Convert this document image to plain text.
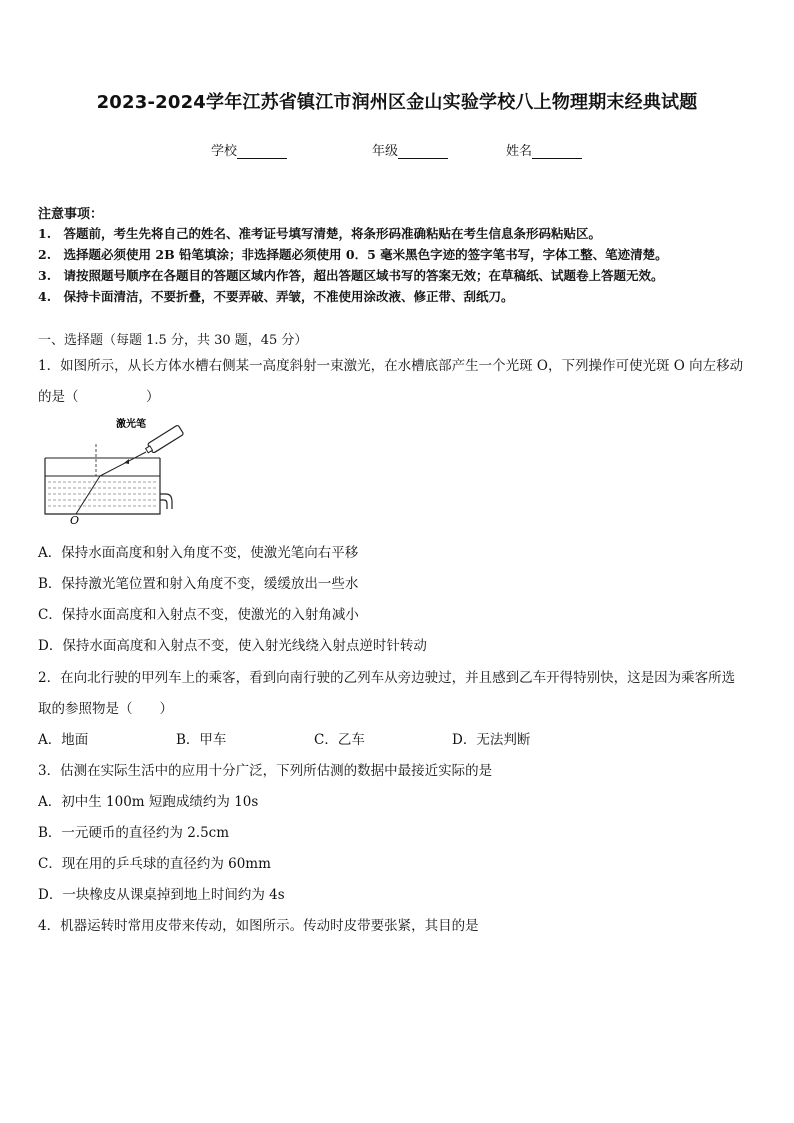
2023-2024学年江苏省镇江市润州区金山实验学校八上物理期末经典试题
学校	年级	姓名
注意事项：
1.　答题前，考生先将自己的姓名、准考证号填写清楚，将条形码准确粘贴在考生信息条形码粘贴区。
2.　选择题必须使用 2B 铅笔填涂；非选择题必须使用 0．5 毫米黑色字迹的签字笔书写，字体工整、笔迹清楚。
3.　请按照题号顺序在各题目的答题区域内作答，超出答题区域书写的答案无效；在草稿纸、试题卷上答题无效。
4.　保持卡面清洁，不要折叠，不要弄破、弄皱，不准使用涂改液、修正带、刮纸刀。
一、选择题（每题 1.5 分，共 30 题，45 分）
1．如图所示，从长方体水槽右侧某一高度斜射一束激光，在水槽底部产生一个光斑 O，下列操作可使光斑 O 向左移动
的是（　　　　　）
激光笔
O
A．保持水面高度和射入角度不变，使激光笔向右平移
B．保持激光笔位置和射入角度不变，缓缓放出一些水
C．保持水面高度和入射点不变，使激光的入射角减小
D．保持水面高度和入射点不变，使入射光线绕入射点逆时针转动
2．在向北行驶的甲列车上的乘客，看到向南行驶的乙列车从旁边驶过，并且感到乙车开得特别快，这是因为乘客所选
取的参照物是（　　）
A．地面	B．甲车	C．乙车	D．无法判断
3．估测在实际生活中的应用十分广泛，下列所估测的数据中最接近实际的是
A．初中生 100m 短跑成绩约为 10s
B．一元硬币的直径约为 2.5cm
C．现在用的乒乓球的直径约为 60mm
D．一块橡皮从课桌掉到地上时间约为 4s
4．机器运转时常用皮带来传动，如图所示。传动时皮带要张紧，其目的是
